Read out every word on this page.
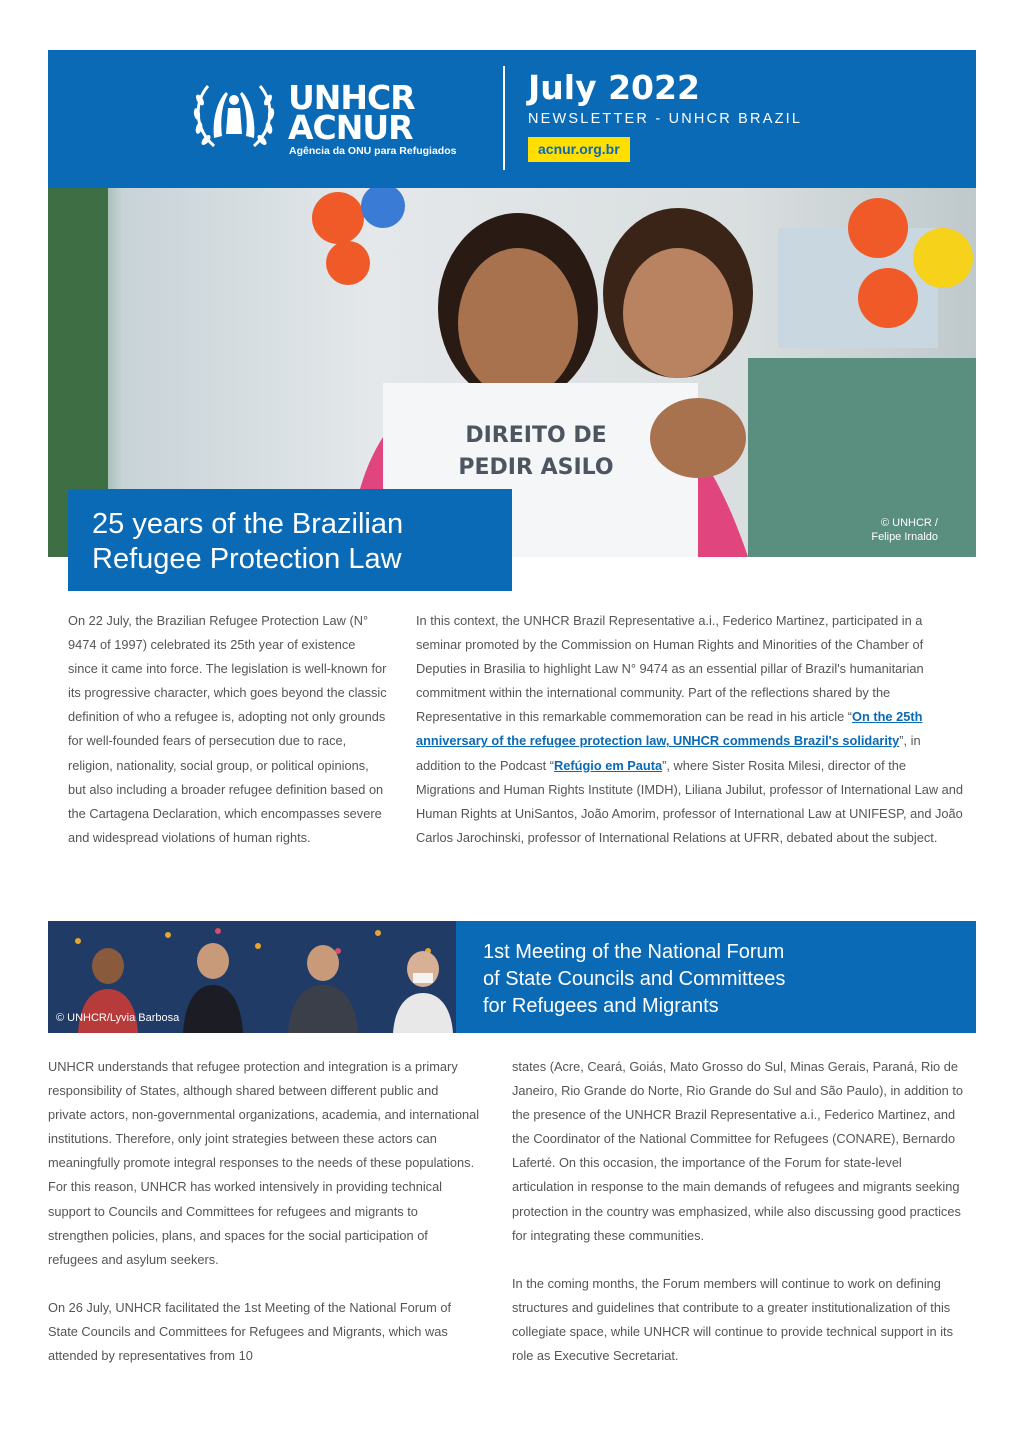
UNHCR
ACNUR
Agência da ONU para Refugiados
July 2022
NEWSLETTER - UNHCR BRAZIL
acnur.org.br
DIREITO DE
PEDIR ASILO
© UNHCR /
Felipe Irnaldo
25 years of the Brazilian
Refugee Protection Law
On 22 July, the Brazilian Refugee Protection Law (N° 9474 of 1997) celebrated its 25th year of existence since it came into force. The legislation is well-known for its progressive character, which goes beyond the classic definition of who a refugee is, adopting not only grounds for well-founded fears of persecution due to race, religion, nationality, social group, or political opinions, but also including a broader refugee definition based on the Cartagena Declaration, which encompasses severe and widespread violations of human rights.
In this context, the UNHCR Brazil Representative a.i., Federico Martinez, participated in a seminar promoted by the Commission on Human Rights and Minorities of the Chamber of Deputies in Brasilia to highlight Law N° 9474 as an essential pillar of Brazil's humanitarian commitment within the international community. Part of the reflections shared by the Representative in this remarkable commemoration can be read in his article “On the 25th anniversary of the refugee protection law, UNHCR commends Brazil's solidarity”, in addition to the Podcast “Refúgio em Pauta”, where Sister Rosita Milesi, director of the Migrations and Human Rights Institute (IMDH), Liliana Jubilut, professor of International Law and Human Rights at UniSantos, João Amorim, professor of International Law at UNIFESP, and João Carlos Jarochinski, professor of International Relations at UFRR, debated about the subject.
© UNHCR/Lyvia Barbosa
1st Meeting of the National Forum
of State Councils and Committees
for Refugees and Migrants

UNHCR understands that refugee protection and integration is a primary responsibility of States, although shared between different public and private actors, non-governmental organizations, academia, and international institutions. Therefore, only joint strategies between these actors can meaningfully promote integral responses to the needs of these populations. For this reason, UNHCR has worked intensively in providing technical support to Councils and Committees for refugees and migrants to strengthen policies, plans, and spaces for the social participation of refugees and asylum seekers.

On 26 July, UNHCR facilitated the 1st Meeting of the National Forum of State Councils and Committees for Refugees and Migrants, which was attended by representatives from 10

states (Acre, Ceará, Goiás, Mato Grosso do Sul, Minas Gerais, Paraná, Rio de Janeiro, Rio Grande do Norte, Rio Grande do Sul and São Paulo), in addition to the presence of the UNHCR Brazil Representative a.i., Federico Martinez, and the Coordinator of the National Committee for Refugees (CONARE), Bernardo Laferté. On this occasion, the importance of the Forum for state-level articulation in response to the main demands of refugees and migrants seeking protection in the country was emphasized, while also discussing good practices for integrating these communities.

In the coming months, the Forum members will continue to work on defining structures and guidelines that contribute to a greater institutionalization of this collegiate space, while UNHCR will continue to provide technical support in its role as Executive Secretariat.
